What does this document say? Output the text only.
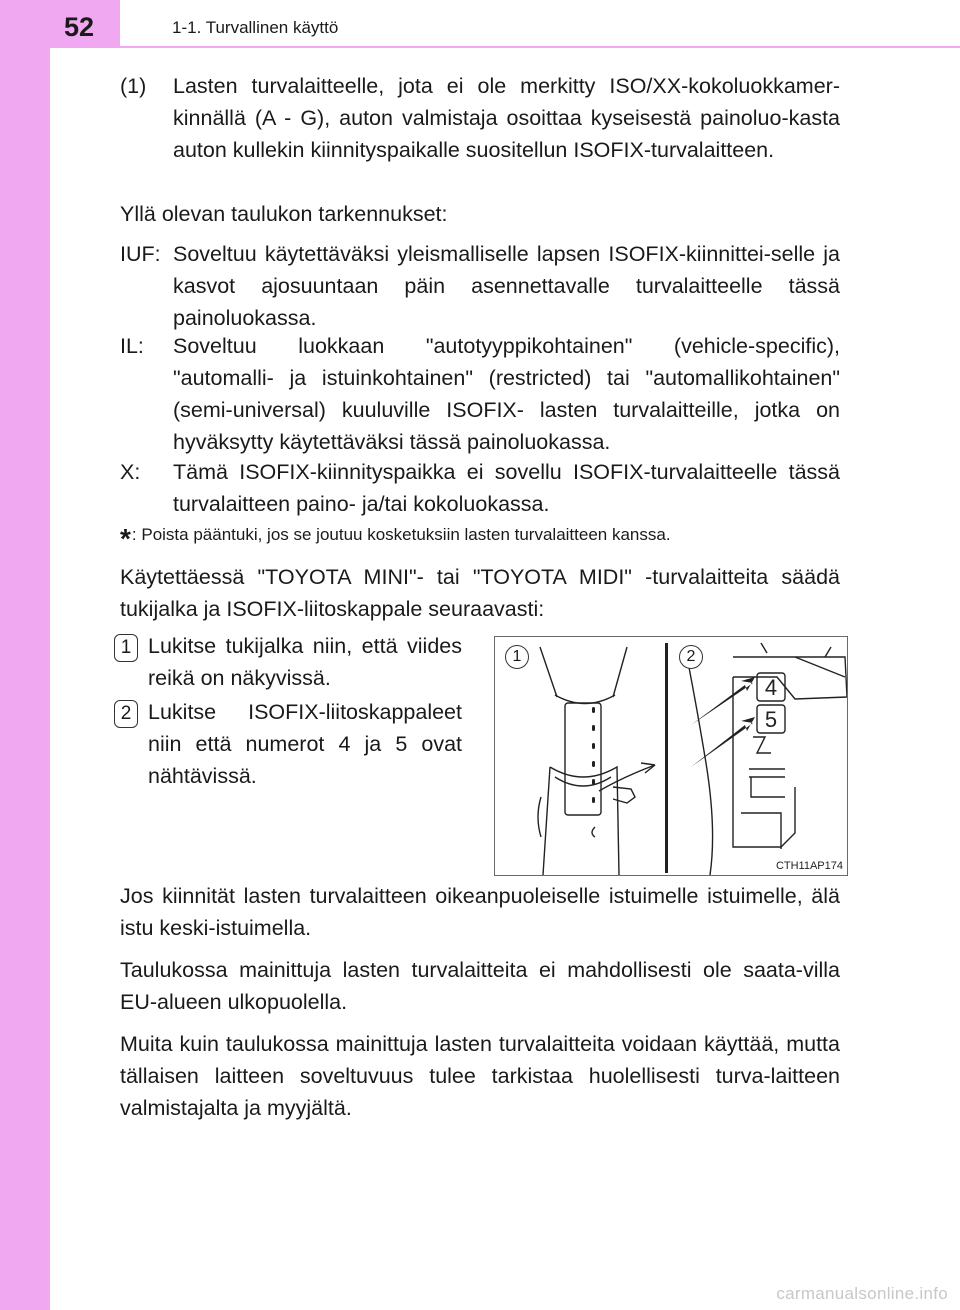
52	1-1. Turvallinen käyttö
(1) Lasten turvalaitteelle, jota ei ole merkitty ISO/XX-kokoluokkamer-kinnällä (A - G), auton valmistaja osoittaa kyseisestä painoluo-kasta auton kullekin kiinnityspaikalle suositellun ISOFIX-turvalaitteen.
Yllä olevan taulukon tarkennukset:
IUF: Soveltuu käytettäväksi yleismalliselle lapsen ISOFIX-kiinnittei-selle ja kasvot ajosuuntaan päin asennettavalle turvalaitteelle tässä painoluokassa.
IL: Soveltuu luokkaan "autotyyppikohtainen" (vehicle-specific), "automalli- ja istuinkohtainen" (restricted) tai "automallikohtainen" (semi-universal) kuuluville ISOFIX- lasten turvalaitteille, jotka on hyväksytty käytettäväksi tässä painoluokassa.
X: Tämä ISOFIX-kiinnityspaikka ei sovellu ISOFIX-turvalaitteelle tässä turvalaitteen paino- ja/tai kokoluokassa.
*: Poista pääntuki, jos se joutuu kosketuksiin lasten turvalaitteen kanssa.
Käytettäessä "TOYOTA MINI"- tai "TOYOTA MIDI" -turvalaitteita säädä tukijalka ja ISOFIX-liitoskappale seuraavasti:
1 Lukitse tukijalka niin, että viides reikä on näkyvissä.
2 Lukitse ISOFIX-liitoskappaleet niin että numerot 4 ja 5 ovat nähtävissä.
4
5
1	2
CTH11AP174
Jos kiinnität lasten turvalaitteen oikeanpuoleiselle istuimelle istuimelle, älä istu keski-istuimella.
Taulukossa mainittuja lasten turvalaitteita ei mahdollisesti ole saata-villa EU-alueen ulkopuolella.
Muita kuin taulukossa mainittuja lasten turvalaitteita voidaan käyttää, mutta tällaisen laitteen soveltuvuus tulee tarkistaa huolellisesti turva-laitteen valmistajalta ja myyjältä.
carmanualsonline.info
